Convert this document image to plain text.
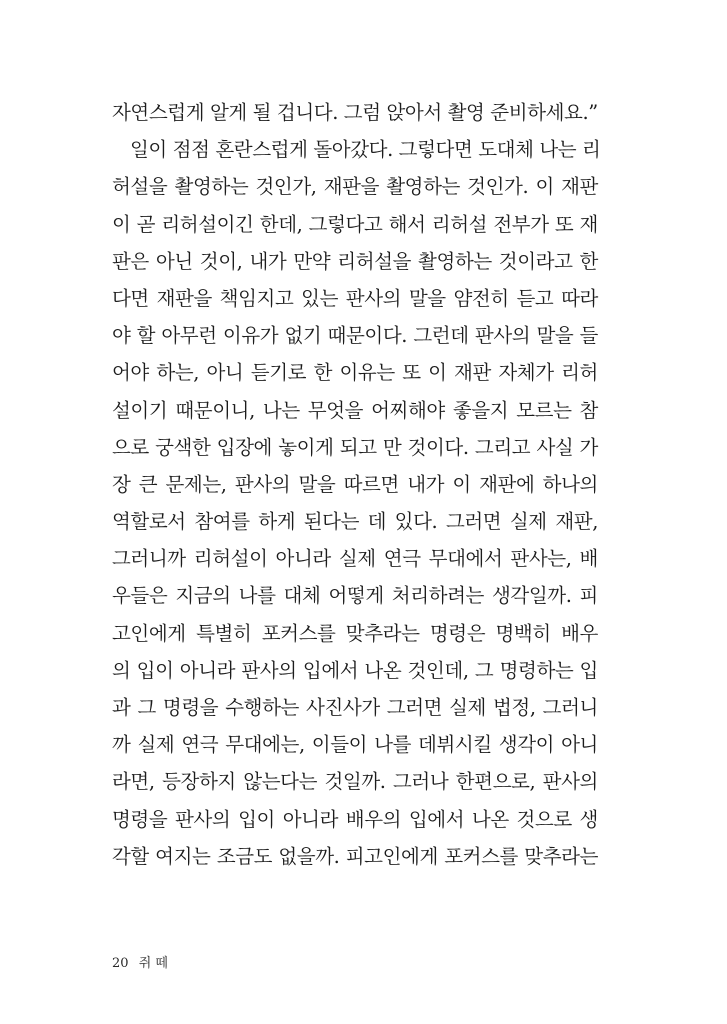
자연스럽게 알게 될 겁니다. 그럼 앉아서 촬영 준비하세요.”
일이 점점 혼란스럽게 돌아갔다. 그렇다면 도대체 나는 리
허설을 촬영하는 것인가, 재판을 촬영하는 것인가. 이 재판
이 곧 리허설이긴 한데, 그렇다고 해서 리허설 전부가 또 재
판은 아닌 것이, 내가 만약 리허설을 촬영하는 것이라고 한
다면 재판을 책임지고 있는 판사의 말을 얌전히 듣고 따라
야 할 아무런 이유가 없기 때문이다. 그런데 판사의 말을 들
어야 하는, 아니 듣기로 한 이유는 또 이 재판 자체가 리허
설이기 때문이니, 나는 무엇을 어찌해야 좋을지 모르는 참
으로 궁색한 입장에 놓이게 되고 만 것이다. 그리고 사실 가
장 큰 문제는, 판사의 말을 따르면 내가 이 재판에 하나의
역할로서 참여를 하게 된다는 데 있다. 그러면 실제 재판,
그러니까 리허설이 아니라 실제 연극 무대에서 판사는, 배
우들은 지금의 나를 대체 어떻게 처리하려는 생각일까. 피
고인에게 특별히 포커스를 맞추라는 명령은 명백히 배우
의 입이 아니라 판사의 입에서 나온 것인데, 그 명령하는 입
과 그 명령을 수행하는 사진사가 그러면 실제 법정, 그러니
까 실제 연극 무대에는, 이들이 나를 데뷔시킬 생각이 아니
라면, 등장하지 않는다는 것일까. 그러나 한편으로, 판사의
명령을 판사의 입이 아니라 배우의 입에서 나온 것으로 생
각할 여지는 조금도 없을까. 피고인에게 포커스를 맞추라는
20 쥐 떼
